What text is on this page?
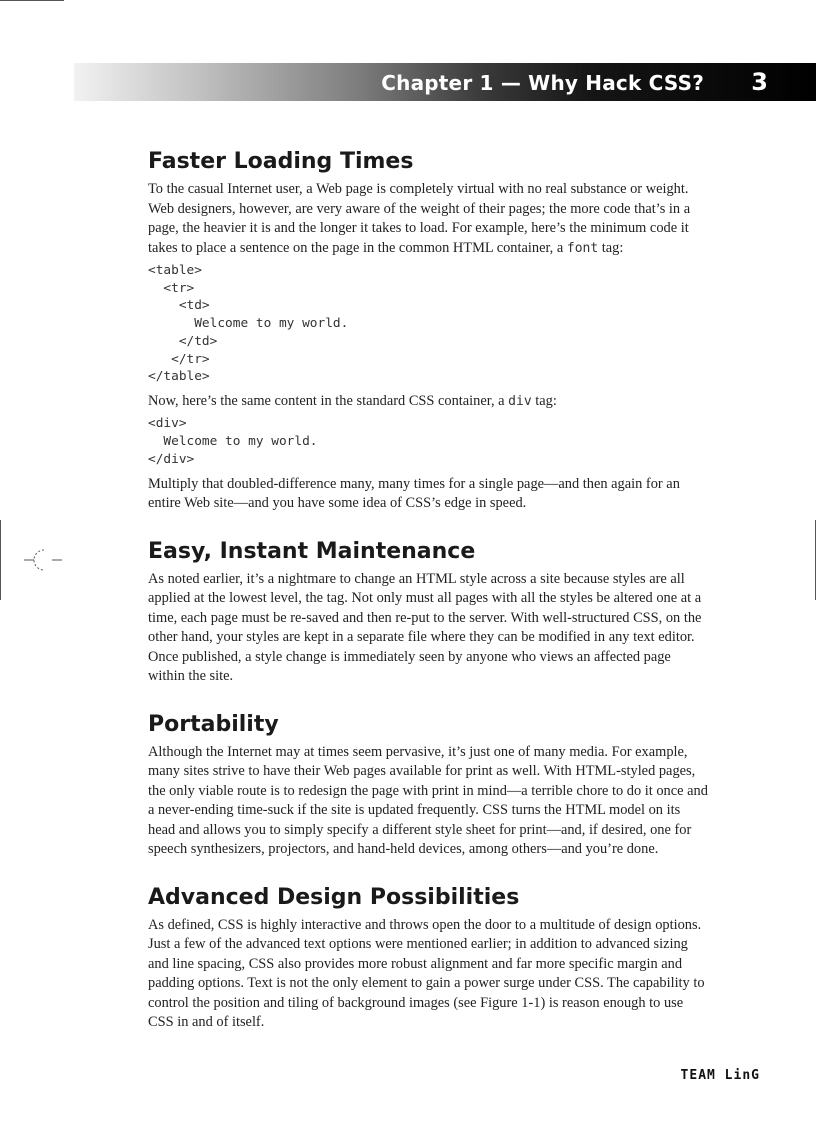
Chapter 1 — Why Hack CSS? 3
Faster Loading Times

To the casual Internet user, a Web page is completely virtual with no real substance or weight. Web designers, however, are very aware of the weight of their pages; the more code that’s in a page, the heavier it is and the longer it takes to load. For example, here’s the minimum code it takes to place a sentence on the page in the common HTML container, a font tag:

<table>
<tr>
<td>
Welcome to my world.
</td>
</tr>
</table>

Now, here’s the same content in the standard CSS container, a div tag:

<div>
Welcome to my world.
</div>

Multiply that doubled-difference many, many times for a single page—and then again for an entire Web site—and you have some idea of CSS’s edge in speed.

Easy, Instant Maintenance

As noted earlier, it’s a nightmare to change an HTML style across a site because styles are all applied at the lowest level, the tag. Not only must all pages with all the styles be altered one at a time, each page must be re-saved and then re-put to the server. With well-structured CSS, on the other hand, your styles are kept in a separate file where they can be modified in any text editor. Once published, a style change is immediately seen by anyone who views an affected page within the site.

Portability

Although the Internet may at times seem pervasive, it’s just one of many media. For example, many sites strive to have their Web pages available for print as well. With HTML-styled pages, the only viable route is to redesign the page with print in mind—a terrible chore to do it once and a never-ending time-suck if the site is updated frequently. CSS turns the HTML model on its head and allows you to simply specify a different style sheet for print—and, if desired, one for speech synthesizers, projectors, and hand-held devices, among others—and you’re done.

Advanced Design Possibilities

As defined, CSS is highly interactive and throws open the door to a multitude of design options. Just a few of the advanced text options were mentioned earlier; in addition to advanced sizing and line spacing, CSS also provides more robust alignment and far more specific margin and padding options. Text is not the only element to gain a power surge under CSS. The capability to control the position and tiling of background images (see Figure 1-1) is reason enough to use CSS in and of itself.

TEAM LinG
